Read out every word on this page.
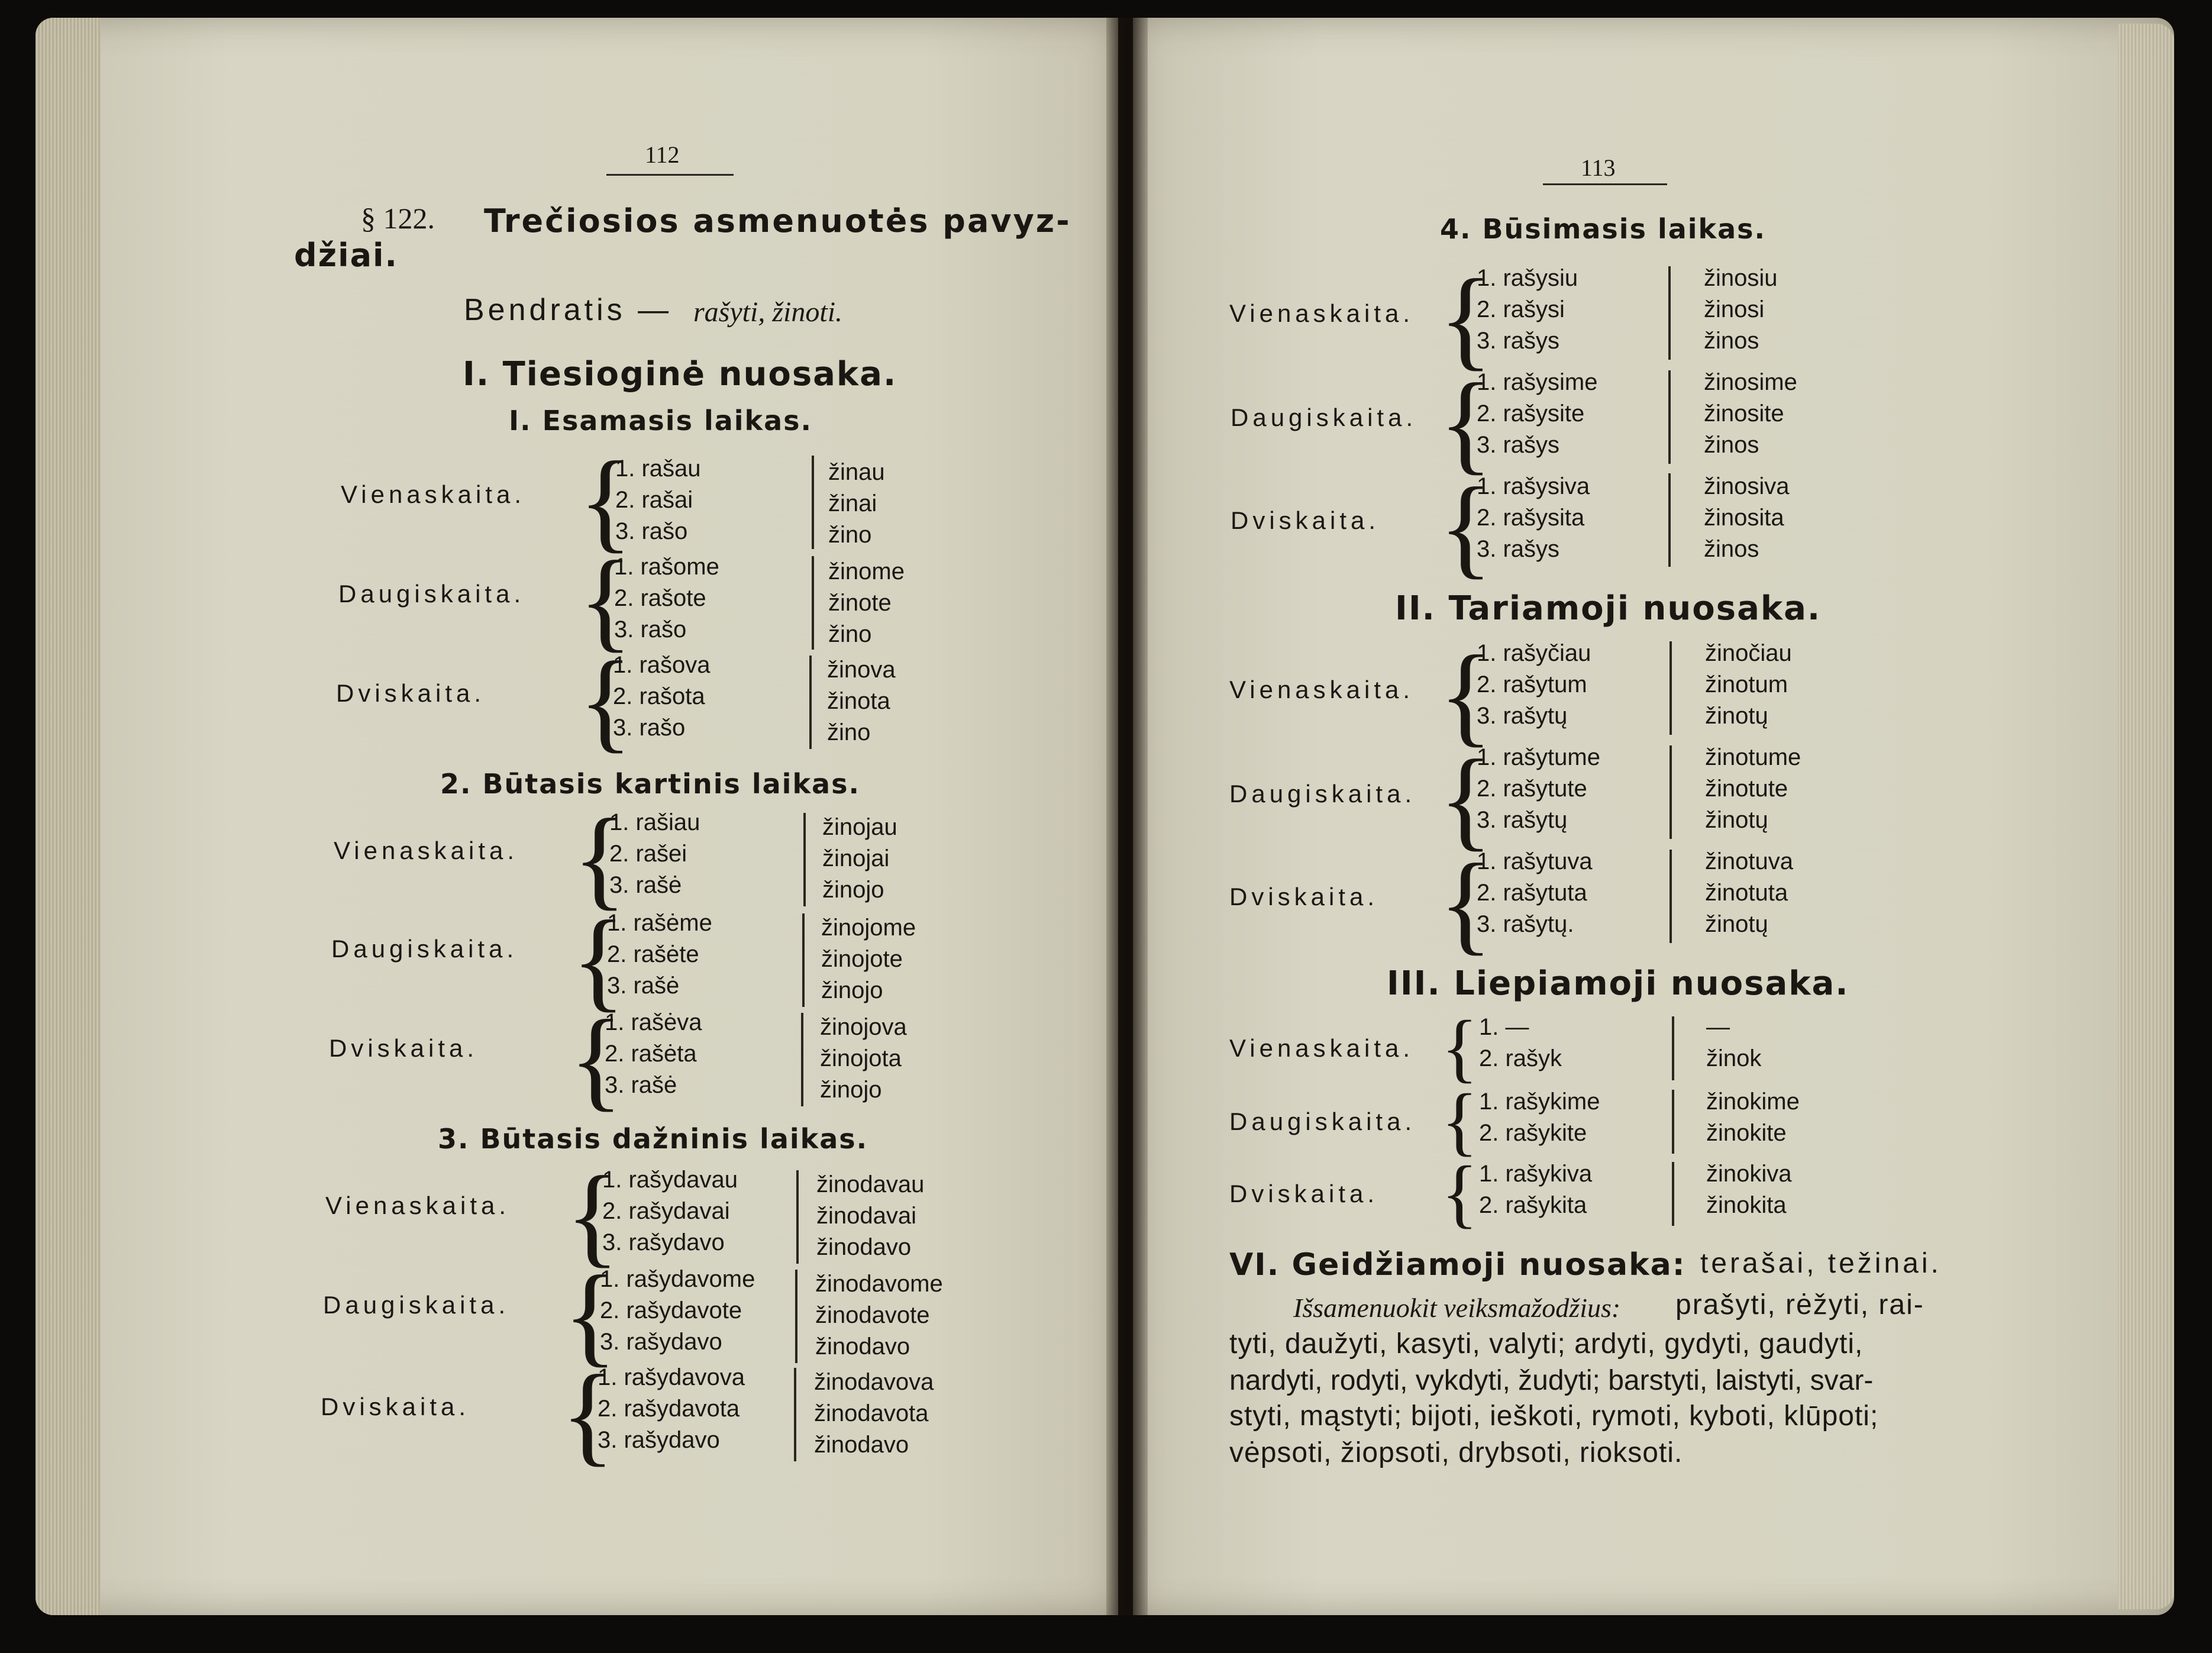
112
§ 122. Trečiosios asmenuotės pavyz-
džiai.
Bendratis — rašyti, žinoti.
I. Tiesioginė nuosaka.
I. Esamasis laikas.
Vienaskaita. {
1. rašau
2. rašai
3. rašo
žinau
žinai
žino
Daugiskaita. {
1. rašome
2. rašote
3. rašo
žinome
žinote
žino
Dviskaita. {
1. rašova
2. rašota
3. rašo
žinova
žinota
žino
2. Būtasis kartinis laikas.
Vienaskaita. {
1. rašiau
2. rašei
3. rašė
žinojau
žinojai
žinojo
Daugiskaita. {
1. rašėme
2. rašėte
3. rašė
žinojome
žinojote
žinojo
Dviskaita. {
1. rašėva
2. rašėta
3. rašė
žinojova
žinojota
žinojo
3. Būtasis dažninis laikas.
Vienaskaita. {
1. rašydavau
2. rašydavai
3. rašydavo
žinodavau
žinodavai
žinodavo
Daugiskaita. {
1. rašydavome
2. rašydavote
3. rašydavo
žinodavome
žinodavote
žinodavo
Dviskaita. {
1. rašydavova
2. rašydavota
3. rašydavo
žinodavova
žinodavota
žinodavo
113
4. Būsimasis laikas.
Vienaskaita. {
1. rašysiu
2. rašysi
3. rašys
žinosiu
žinosi
žinos
Daugiskaita. {
1. rašysime
2. rašysite
3. rašys
žinosime
žinosite
žinos
Dviskaita. {
1. rašysiva
2. rašysita
3. rašys
žinosiva
žinosita
žinos
II. Tariamoji nuosaka.
Vienaskaita. {
1. rašyčiau
2. rašytum
3. rašytų
žinočiau
žinotum
žinotų
Daugiskaita. {
1. rašytume
2. rašytute
3. rašytų
žinotume
žinotute
žinotų
Dviskaita. {
1. rašytuva
2. rašytuta
3. rašytų.
žinotuva
žinotuta
žinotų
III. Liepiamoji nuosaka.
Vienaskaita. { 1. —
2. rašyk
—
žinok
Daugiskaita. { 1. rašykime
2. rašykite
žinokime
žinokite
Dviskaita. { 1. rašykiva
2. rašykita
žinokiva
žinokita
VI. Geidžiamoji nuosaka: terašai, težinai.
Išsamenuokit veiksmažodžius: prašyti, rėžyti, rai-
tyti, daužyti, kasyti, valyti; ardyti, gydyti, gaudyti,
nardyti, rodyti, vykdyti, žudyti; barstyti, laistyti, svar-
styti, mąstyti; bijoti, ieškoti, rymoti, kyboti, klūpoti;
vėpsoti, žiopsoti, drybsoti, rioksoti.
